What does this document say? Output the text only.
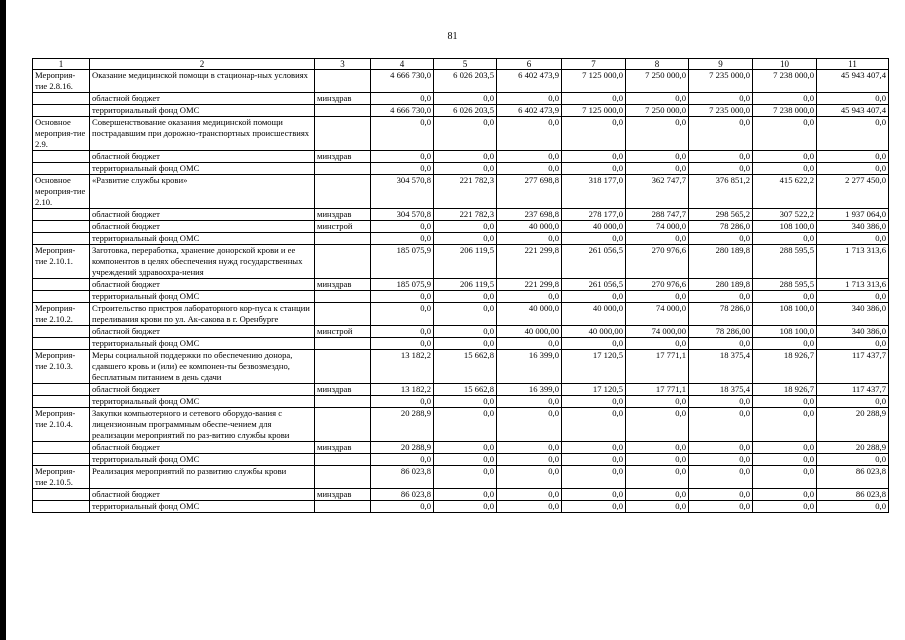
81
1	2	3	4	5	6	7	8	9	10	11
Мероприя-тие 2.8.16.	Оказание медицинской помощи в стационар-ных условиях		4 666 730,0	6 026 203,5	6 402 473,9	7 125 000,0	7 250 000,0	7 235 000,0	7 238 000,0	45 943 407,4
	областной бюджет	минздрав	0,0	0,0	0,0	0,0	0,0	0,0	0,0	0,0
	территориальный фонд ОМС		4 666 730,0	6 026 203,5	6 402 473,9	7 125 000,0	7 250 000,0	7 235 000,0	7 238 000,0	45 943 407,4
Основное мероприя-тие 2.9.	Совершенствование оказания медицинской помощи пострадавшим при дорожно-транспортных происшествиях		0,0	0,0	0,0	0,0	0,0	0,0	0,0	0,0
	областной бюджет	минздрав	0,0	0,0	0,0	0,0	0,0	0,0	0,0	0,0
	территориальный фонд ОМС		0,0	0,0	0,0	0,0	0,0	0,0	0,0	0,0
Основное мероприя-тие 2.10.	«Развитие службы крови»		304 570,8	221 782,3	277 698,8	318 177,0	362 747,7	376 851,2	415 622,2	2 277 450,0
	областной бюджет	минздрав	304 570,8	221 782,3	237 698,8	278 177,0	288 747,7	298 565,2	307 522,2	1 937 064,0
	областной бюджет	минстрой	0,0	0,0	40 000,0	40 000,0	74 000,0	78 286,0	108 100,0	340 386,0
	территориальный фонд ОМС		0,0	0,0	0,0	0,0	0,0	0,0	0,0	0,0
Мероприя-тие 2.10.1.	Заготовка, переработка, хранение донорской крови и ее компонентов в целях обеспечения нужд государственных учреждений здравоохра-нения		185 075,9	206 119,5	221 299,8	261 056,5	270 976,6	280 189,8	288 595,5	1 713 313,6
	областной бюджет	минздрав	185 075,9	206 119,5	221 299,8	261 056,5	270 976,6	280 189,8	288 595,5	1 713 313,6
	территориальный фонд ОМС		0,0	0,0	0,0	0,0	0,0	0,0	0,0	0,0
Мероприя-тие 2.10.2.	Строительство пристроя лабораторного кор-пуса к станции переливания крови по ул. Ак-сакова в г. Оренбурге		0,0	0,0	40 000,0	40 000,0	74 000,0	78 286,0	108 100,0	340 386,0
	областной бюджет	минстрой	0,0	0,0	40 000,00	40 000,00	74 000,00	78 286,00	108 100,0	340 386,0
	территориальный фонд ОМС		0,0	0,0	0,0	0,0	0,0	0,0	0,0	0,0
Мероприя-тие 2.10.3.	Меры социальной поддержки по обеспечению донора, сдавшего кровь и (или) ее компонен-ты безвозмездно, бесплатным питанием в день сдачи		13 182,2	15 662,8	16 399,0	17 120,5	17 771,1	18 375,4	18 926,7	117 437,7
	областной бюджет	минздрав	13 182,2	15 662,8	16 399,0	17 120,5	17 771,1	18 375,4	18 926,7	117 437,7
	территориальный фонд ОМС		0,0	0,0	0,0	0,0	0,0	0,0	0,0	0,0
Мероприя-тие 2.10.4.	Закупки компьютерного и сетевого оборудо-вания с лицензионным программным обеспе-чением для реализации мероприятий по раз-витию службы крови		20 288,9	0,0	0,0	0,0	0,0	0,0	0,0	20 288,9
	областной бюджет	минздрав	20 288,9	0,0	0,0	0,0	0,0	0,0	0,0	20 288,9
	территориальный фонд ОМС		0,0	0,0	0,0	0,0	0,0	0,0	0,0	0,0
Мероприя-тие 2.10.5.	Реализация мероприятий по развитию службы крови		86 023,8	0,0	0,0	0,0	0,0	0,0	0,0	86 023,8
	областной бюджет	минздрав	86 023,8	0,0	0,0	0,0	0,0	0,0	0,0	86 023,8
	территориальный фонд ОМС		0,0	0,0	0,0	0,0	0,0	0,0	0,0	0,0
